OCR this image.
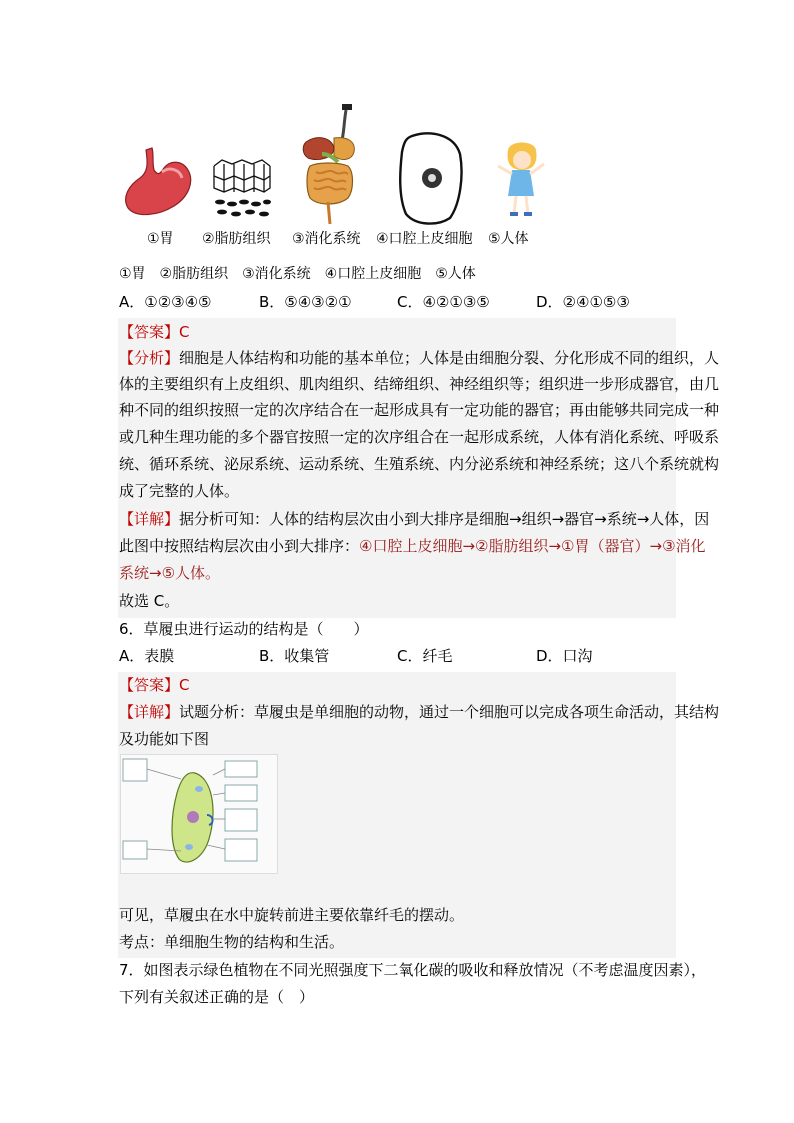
①胃 ②脂肪组织 ③消化系统 ④口腔上皮细胞 ⑤人体
①胃　②脂肪组织　③消化系统　④口腔上皮细胞　⑤人体
A．①②③④⑤	B．⑤④③②①	C．④②①③⑤	D．②④①⑤③
【答案】C
【分析】细胞是人体结构和功能的基本单位；人体是由细胞分裂、分化形成不同的组织，人
体的主要组织有上皮组织、肌肉组织、结缔组织、神经组织等；组织进一步形成器官，由几
种不同的组织按照一定的次序结合在一起形成具有一定功能的器官；再由能够共同完成一种
或几种生理功能的多个器官按照一定的次序组合在一起形成系统，人体有消化系统、呼吸系
统、循环系统、泌尿系统、运动系统、生殖系统、内分泌系统和神经系统；这八个系统就构
成了完整的人体。
【详解】据分析可知：人体的结构层次由小到大排序是细胞→组织→器官→系统→人体，因
此图中按照结构层次由小到大排序：④口腔上皮细胞→②脂肪组织→①胃（器官）→③消化
系统→⑤人体。
故选 C。
6．草履虫进行运动的结构是（　　）
A．表膜	B．收集管	C．纤毛	D．口沟
【答案】C
【详解】试题分析：草履虫是单细胞的动物，通过一个细胞可以完成各项生命活动，其结构
及功能如下图
可见，草履虫在水中旋转前进主要依靠纤毛的摆动。
考点：单细胞生物的结构和生活。
7．如图表示绿色植物在不同光照强度下二氧化碳的吸收和释放情况（不考虑温度因素），
下列有关叙述正确的是（　）
